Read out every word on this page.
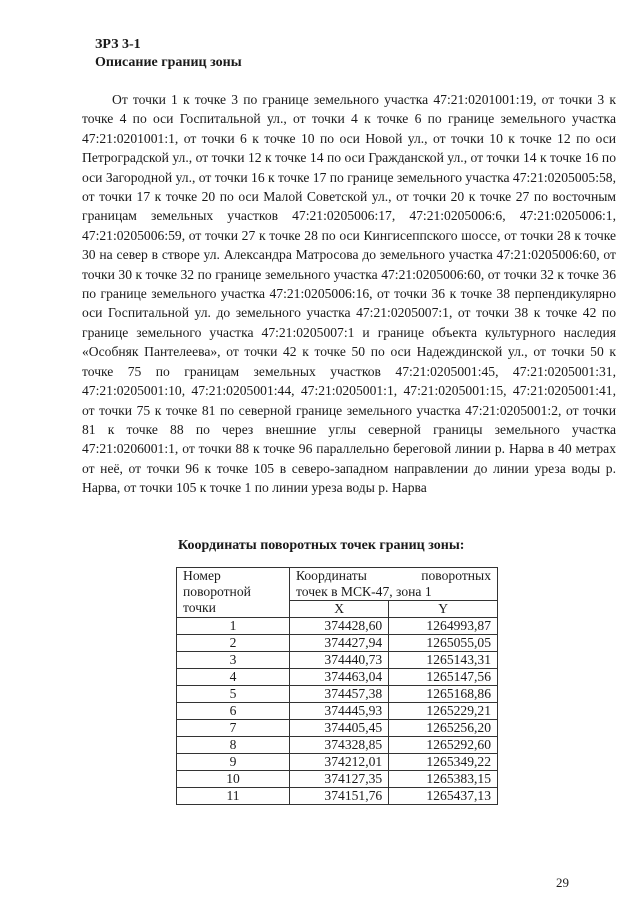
ЗРЗ 3-1
Описание границ зоны

От точки 1 к точке 3 по границе земельного участка 47:21:0201001:19, от точки 3 к точке 4 по оси Госпитальной ул., от точки 4 к точке 6 по границе земельного участка 47:21:0201001:1, от точки 6 к точке 10 по оси Новой ул., от точки 10 к точке 12 по оси Петроградской ул., от точки 12 к точке 14 по оси Гражданской ул., от точки 14 к точке 16 по оси Загородной ул., от точки 16 к точке 17 по границе земельного участка 47:21:0205005:58, от точки 17 к точке 20 по оси Малой Советской ул., от точки 20 к точке 27 по восточным границам земельных участков 47:21:0205006:17, 47:21:0205006:6, 47:21:0205006:1, 47:21:0205006:59, от точки 27 к точке 28 по оси Кингисеппского шоссе, от точки 28 к точке 30 на север в створе ул. Александра Матросова до земельного участка 47:21:0205006:60, от точки 30 к точке 32 по границе земельного участка 47:21:0205006:60, от точки 32 к точке 36 по границе земельного участка 47:21:0205006:16, от точки 36 к точке 38 перпендикулярно оси Госпитальной ул. до земельного участка 47:21:0205007:1, от точки 38 к точке 42 по границе земельного участка 47:21:0205007:1 и границе объекта культурного наследия «Особняк Пантелеева», от точки 42 к точке 50 по оси Надеждинской ул., от точки 50 к точке 75 по границам земельных участков 47:21:0205001:45, 47:21:0205001:31, 47:21:0205001:10, 47:21:0205001:44, 47:21:0205001:1, 47:21:0205001:15, 47:21:0205001:41, от точки 75 к точке 81 по северной границе земельного участка 47:21:0205001:2, от точки 81 к точке 88 по через внешние углы северной границы земельного участка 47:21:0206001:1, от точки 88 к точке 96 параллельно береговой линии р. Нарва в 40 метрах от неё, от точки 96 к точке 105 в северо-западном направлении до линии уреза воды р. Нарва, от точки 105 к точке 1 по линии уреза воды р. Нарва

Координаты поворотных точек границ зоны:
Номер поворотной точки	Координаты поворотных
точек в МСК-47, зона 1	

	X	Y
1	374428,60	1264993,87
2	374427,94	1265055,05
3	374440,73	1265143,31
4	374463,04	1265147,56
5	374457,38	1265168,86
6	374445,93	1265229,21
7	374405,45	1265256,20
8	374328,85	1265292,60
9	374212,01	1265349,22
10	374127,35	1265383,15
11	374151,76	1265437,13
29
